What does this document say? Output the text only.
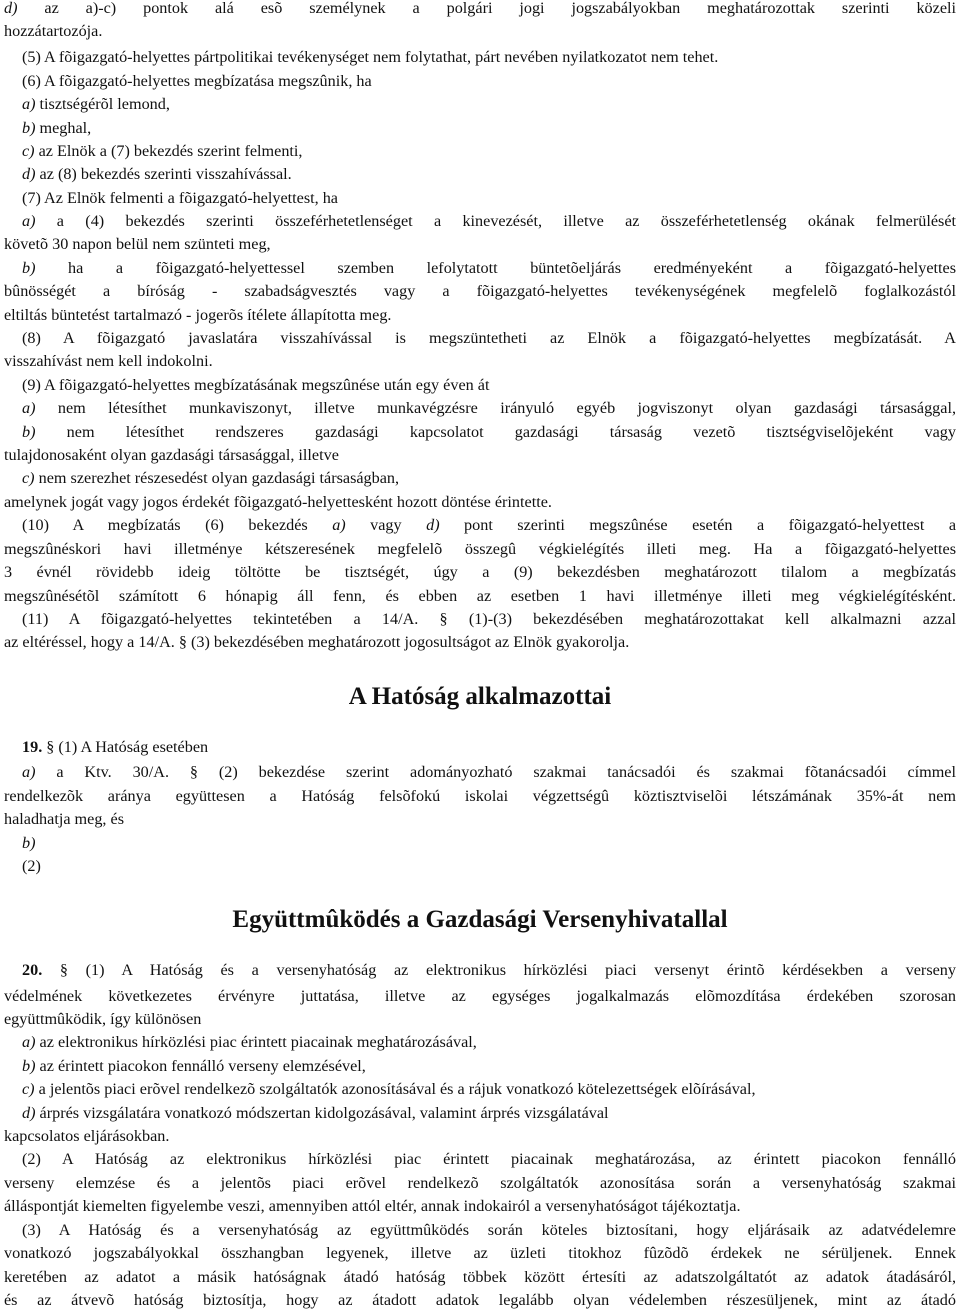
d) az a)-c) pontok alá esõ személynek a polgári jogi jogszabályokban meghatározottak szerinti közeli
hozzátartozója.
(5) A fõigazgató-helyettes pártpolitikai tevékenységet nem folytathat, párt nevében nyilatkozatot nem tehet.
(6) A fõigazgató-helyettes megbízatása megszûnik, ha
a) tisztségérõl lemond,
b) meghal,
c) az Elnök a (7) bekezdés szerint felmenti,
d) az (8) bekezdés szerinti visszahívással.
(7) Az Elnök felmenti a fõigazgató-helyettest, ha
a) a (4) bekezdés szerinti összeférhetetlenséget a kinevezését, illetve az összeférhetetlenség okának felmerülését
követõ 30 napon belül nem szünteti meg,
b) ha a fõigazgató-helyettessel szemben lefolytatott büntetõeljárás eredményeként a fõigazgató-helyettes
bûnösségét a bíróság - szabadságvesztés vagy a fõigazgató-helyettes tevékenységének megfelelõ foglalkozástól
eltiltás büntetést tartalmazó - jogerõs ítélete állapította meg.
(8) A fõigazgató javaslatára visszahívással is megszüntetheti az Elnök a fõigazgató-helyettes megbízatását. A
visszahívást nem kell indokolni.
(9) A fõigazgató-helyettes megbízatásának megszûnése után egy éven át
a) nem létesíthet munkaviszonyt, illetve munkavégzésre irányuló egyéb jogviszonyt olyan gazdasági társasággal,
b) nem létesíthet rendszeres gazdasági kapcsolatot gazdasági társaság vezetõ tisztségviselõjeként vagy
tulajdonosaként olyan gazdasági társasággal, illetve
c) nem szerezhet részesedést olyan gazdasági társaságban,
amelynek jogát vagy jogos érdekét fõigazgató-helyettesként hozott döntése érintette.
(10) A megbízatás (6) bekezdés a) vagy d) pont szerinti megszûnése esetén a fõigazgató-helyettest a
megszûnéskori havi illetménye kétszeresének megfelelõ összegû végkielégítés illeti meg. Ha a fõigazgató-helyettes
3 évnél rövidebb ideig töltötte be tisztségét, úgy a (9) bekezdésben meghatározott tilalom a megbízatás
megszûnésétõl számított 6 hónapig áll fenn, és ebben az esetben 1 havi illetménye illeti meg végkielégítésként.
(11) A fõigazgató-helyettes tekintetében a 14/A. § (1)-(3) bekezdésében meghatározottakat kell alkalmazni azzal
az eltéréssel, hogy a 14/A. § (3) bekezdésében meghatározott jogosultságot az Elnök gyakorolja.
A Hatóság alkalmazottai
19. § (1) A Hatóság esetében
a) a Ktv. 30/A. § (2) bekezdése szerint adományozható szakmai tanácsadói és szakmai fõtanácsadói címmel
rendelkezõk aránya együttesen a Hatóság felsõfokú iskolai végzettségû köztisztviselõi létszámának 35%-át nem
haladhatja meg, és
b)
(2)
Együttmûködés a Gazdasági Versenyhivatallal
20. § (1) A Hatóság és a versenyhatóság az elektronikus hírközlési piaci versenyt érintõ kérdésekben a verseny
védelmének következetes érvényre juttatása, illetve az egységes jogalkalmazás elõmozdítása érdekében szorosan
együttmûködik, így különösen
a) az elektronikus hírközlési piac érintett piacainak meghatározásával,
b) az érintett piacokon fennálló verseny elemzésével,
c) a jelentõs piaci erõvel rendelkezõ szolgáltatók azonosításával és a rájuk vonatkozó kötelezettségek elõírásával,
d) árprés vizsgálatára vonatkozó módszertan kidolgozásával, valamint árprés vizsgálatával
kapcsolatos eljárásokban.
(2) A Hatóság az elektronikus hírközlési piac érintett piacainak meghatározása, az érintett piacokon fennálló
verseny elemzése és a jelentõs piaci erõvel rendelkezõ szolgáltatók azonosítása során a versenyhatóság szakmai
álláspontját kiemelten figyelembe veszi, amennyiben attól eltér, annak indokairól a versenyhatóságot tájékoztatja.
(3) A Hatóság és a versenyhatóság az együttmûködés során köteles biztosítani, hogy eljárásaik az adatvédelemre
vonatkozó jogszabályokkal összhangban legyenek, illetve az üzleti titokhoz fûzõdõ érdekek ne sérüljenek. Ennek
keretében az adatot a másik hatóságnak átadó hatóság többek között értesíti az adatszolgáltatót az adatok átadásáról,
és az átvevõ hatóság biztosítja, hogy az átadott adatok legalább olyan védelemben részesüljenek, mint az átadó
